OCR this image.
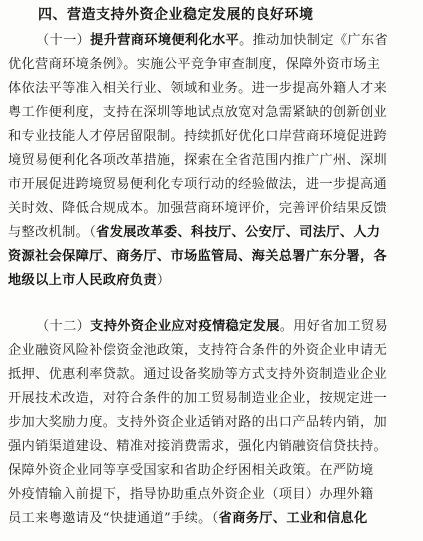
四、营造支持外资企业稳定发展的良好环境
（十一）提升营商环境便利化水平。推动加快制定《广东省
优化营商环境条例》。实施公平竞争审查制度，保障外资市场主
体依法平等准入相关行业、领域和业务。进一步提高外籍人才来
粤工作便利度，支持在深圳等地试点放宽对急需紧缺的创新创业
和专业技能人才停居留限制。持续抓好优化口岸营商环境促进跨
境贸易便利化各项改革措施，探索在全省范围内推广广州、深圳
市开展促进跨境贸易便利化专项行动的经验做法，进一步提高通
关时效、降低合规成本。加强营商环境评价，完善评价结果反馈
与整改机制。（省发展改革委、科技厅、公安厅、司法厅、人力
资源社会保障厅、商务厅、市场监管局、海关总署广东分署，各
地级以上市人民政府负责）
（十二）支持外资企业应对疫情稳定发展。用好省加工贸易
企业融资风险补偿资金池政策，支持符合条件的外资企业申请无
抵押、优惠利率贷款。通过设备奖励等方式支持外资制造业企业
开展技术改造，对符合条件的加工贸易制造业企业，按规定进一
步加大奖励力度。支持外资企业适销对路的出口产品转内销，加
强内销渠道建设、精准对接消费需求，强化内销融资信贷扶持。
保障外资企业同等享受国家和省助企纾困相关政策。在严防境
外疫情输入前提下，指导协助重点外资企业（项目）办理外籍
员工来粤邀请及“快捷通道”手续。（省商务厅、工业和信息化
